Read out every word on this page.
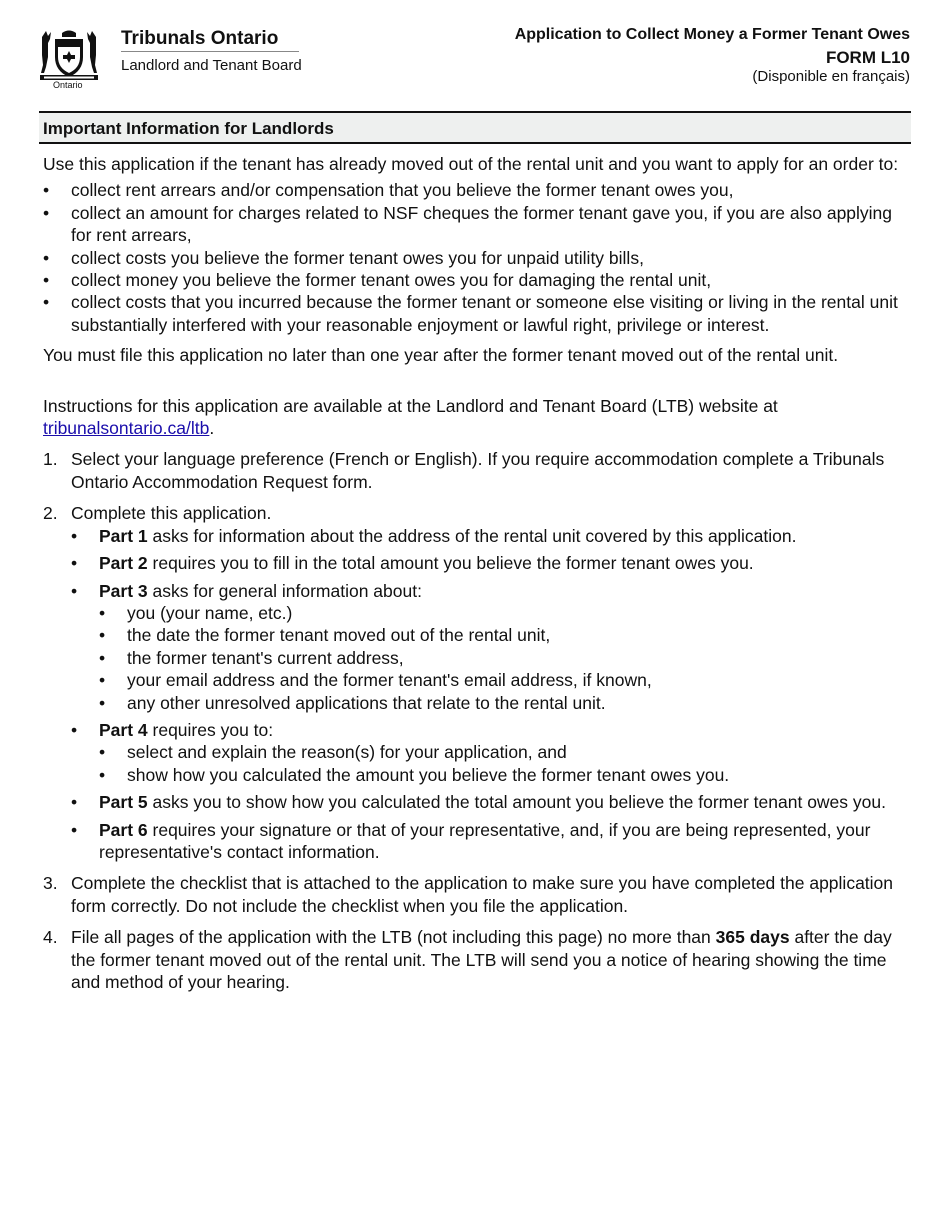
Ontario
Tribunals Ontario
Landlord and Tenant Board
Application to Collect Money a Former Tenant Owes
FORM L10
(Disponible en français)
Important Information for Landlords

Use this application if the tenant has already moved out of the rental unit and you want to apply for an order to:

• collect rent arrears and/or compensation that you believe the former tenant owes you,
• collect an amount for charges related to NSF cheques the former tenant gave you, if you are also applying for rent arrears,
• collect costs you believe the former tenant owes you for unpaid utility bills,
• collect money you believe the former tenant owes you for damaging the rental unit,
• collect costs that you incurred because the former tenant or someone else visiting or living in the rental unit substantially interfered with your reasonable enjoyment or lawful right, privilege or interest.

You must file this application no later than one year after the former tenant moved out of the rental unit.

Instructions for this application are available at the Landlord and Tenant Board (LTB) website at
tribunalsontario.ca/ltb.

1. Select your language preference (French or English). If you require accommodation complete a Tribunals Ontario Accommodation Request form.
2. Complete this application.
• Part 1 asks for information about the address of the rental unit covered by this application.
• Part 2 requires you to fill in the total amount you believe the former tenant owes you.
• Part 3 asks for general information about:
• you (your name, etc.)
• the date the former tenant moved out of the rental unit,
• the former tenant's current address,
• your email address and the former tenant's email address, if known,
• any other unresolved applications that relate to the rental unit.
• Part 4 requires you to:
• select and explain the reason(s) for your application, and
• show how you calculated the amount you believe the former tenant owes you.
• Part 5 asks you to show how you calculated the total amount you believe the former tenant owes you.
• Part 6 requires your signature or that of your representative, and, if you are being represented, your representative's contact information.
3. Complete the checklist that is attached to the application to make sure you have completed the application form correctly. Do not include the checklist when you file the application.
4. File all pages of the application with the LTB (not including this page) no more than 365 days after the day the former tenant moved out of the rental unit. The LTB will send you a notice of hearing showing the time and method of your hearing.
